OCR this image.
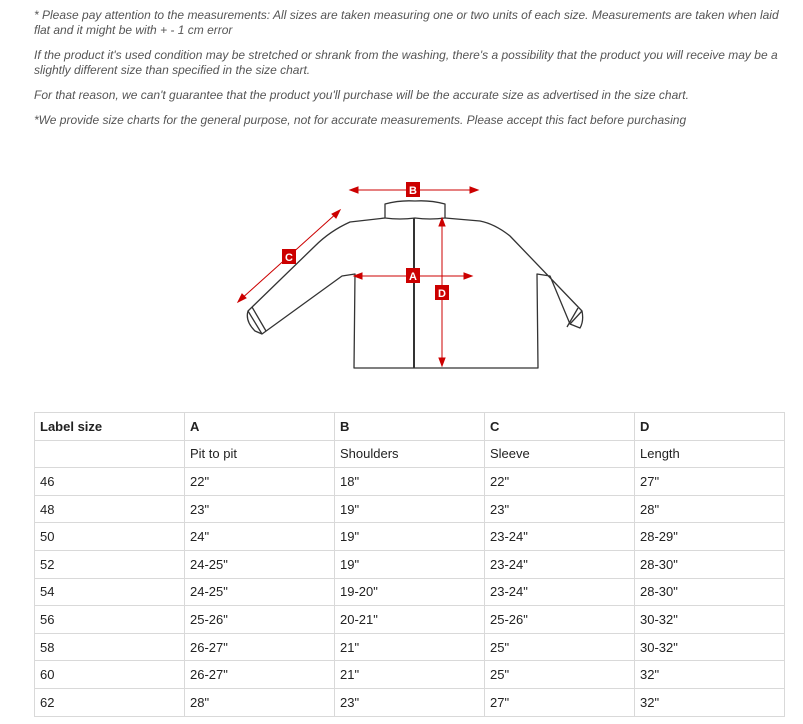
* Please pay attention to the measurements: All sizes are taken measuring one or two units of each size. Measurements are taken when laid flat and it might be with + - 1 cm error

If the product it's used condition may be stretched or shrank from the washing, there's a possibility that the product you will receive may be a slightly different size than specified in the size chart.

For that reason, we can't guarantee that the product you'll purchase will be the accurate size as advertised in the size chart.

*We provide size charts for the general purpose, not for accurate measurements. Please accept this fact before purchasing

B
A
C
D
Label size	A	B	C	D
	Pit to pit	Shoulders	Sleeve	Length
46	22"	18"	22"	27"
48	23"	19"	23"	28"
50	24"	19"	23-24"	28-29"
52	24-25"	19"	23-24"	28-30"
54	24-25"	19-20"	23-24"	28-30"
56	25-26"	20-21"	25-26"	30-32"
58	26-27"	21"	25"	30-32"
60	26-27"	21"	25"	32"
62	28"	23"	27"	32"
